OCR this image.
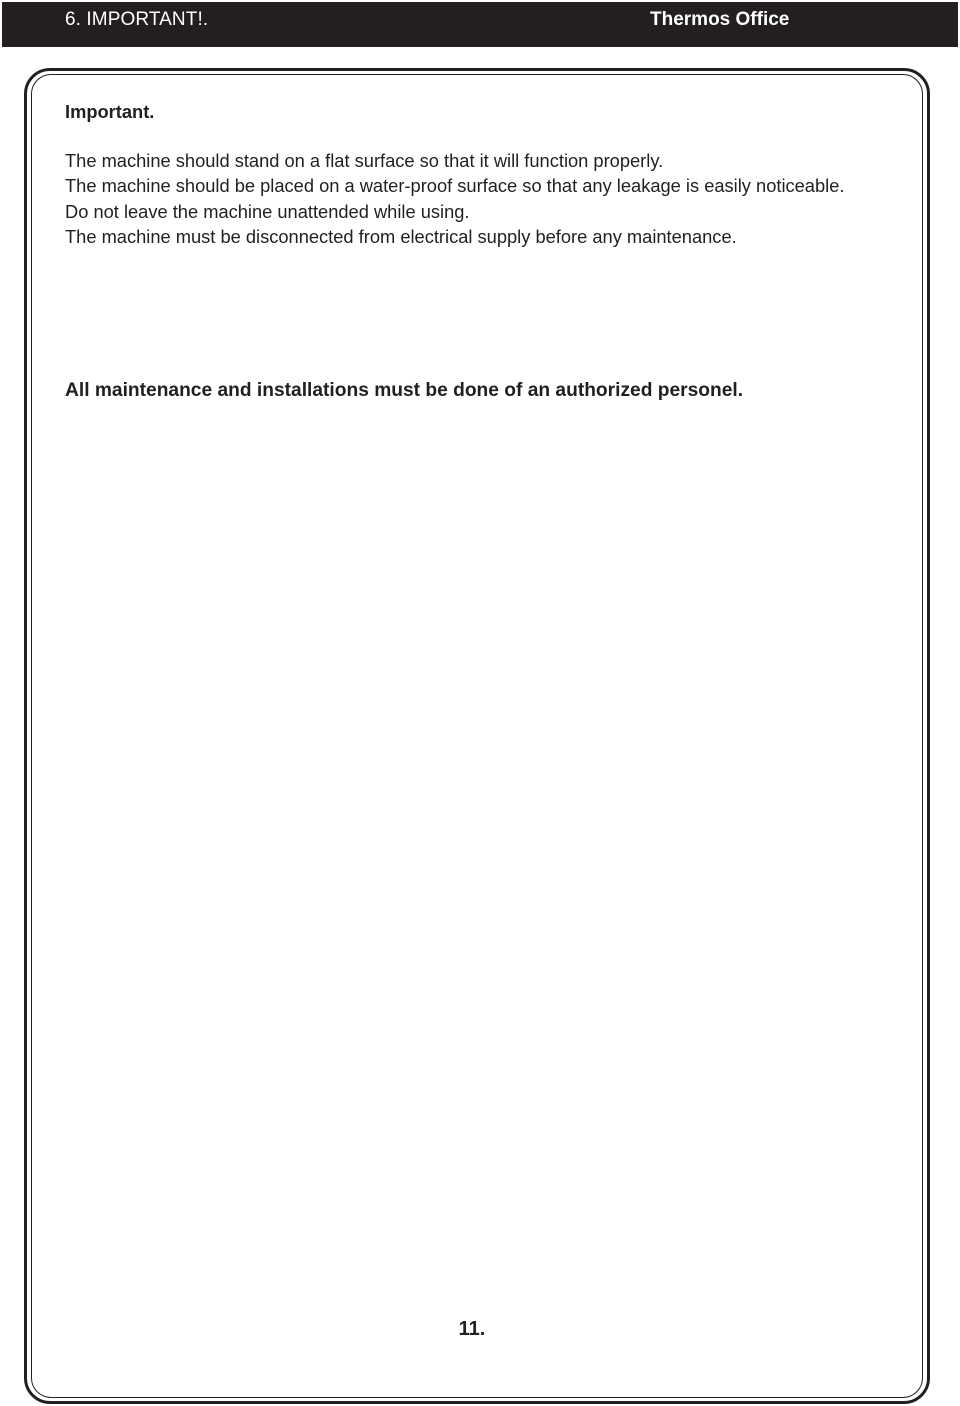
6. IMPORTANT!.	Thermos Office

Important.

The machine should stand on a flat surface so that it will function properly.

The machine should be placed on a water-proof surface so that any leakage is easily noticeable.

Do not leave the machine unattended while using.

The machine must be disconnected from electrical supply before any maintenance.

All maintenance and installations must be done of an authorized personel.
11.
